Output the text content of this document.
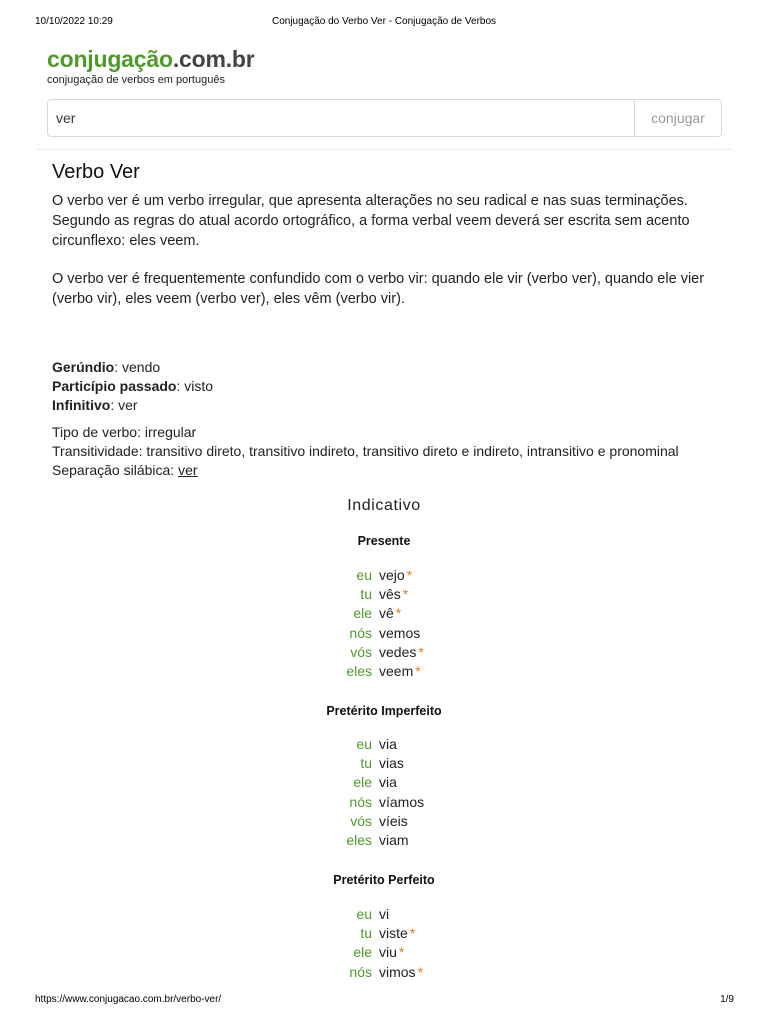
10/10/2022 10:29	Conjugação do Verbo Ver - Conjugação de Verbos
conjugação.com.br
conjugação de verbos em português
ver
conjugar
Verbo Ver

O verbo ver é um verbo irregular, que apresenta alterações no seu radical e nas suas terminações. Segundo as regras do atual acordo ortográfico, a forma verbal veem deverá ser escrita sem acento circunflexo: eles veem.

O verbo ver é frequentemente confundido com o verbo vir: quando ele vir (verbo ver), quando ele vier (verbo vir), eles veem (verbo ver), eles vêm (verbo vir).

Gerúndio: vendo
Particípio passado: visto
Infinitivo: ver
Tipo de verbo: irregular
Transitividade: transitivo direto, transitivo indireto, transitivo direto e indireto, intransitivo e pronominal
Separação silábica: ver
Indicativo
Presente
eu vejo *
tu vês *
ele vê *
nós vemos
vós vedes *
eles veem *
Pretérito Imperfeito
eu via
tu vias
ele via
nós víamos
vós víeis
eles viam
Pretérito Perfeito
eu vi
tu viste *
ele viu *
nós vimos *
https://www.conjugacao.com.br/verbo-ver/	1/9
